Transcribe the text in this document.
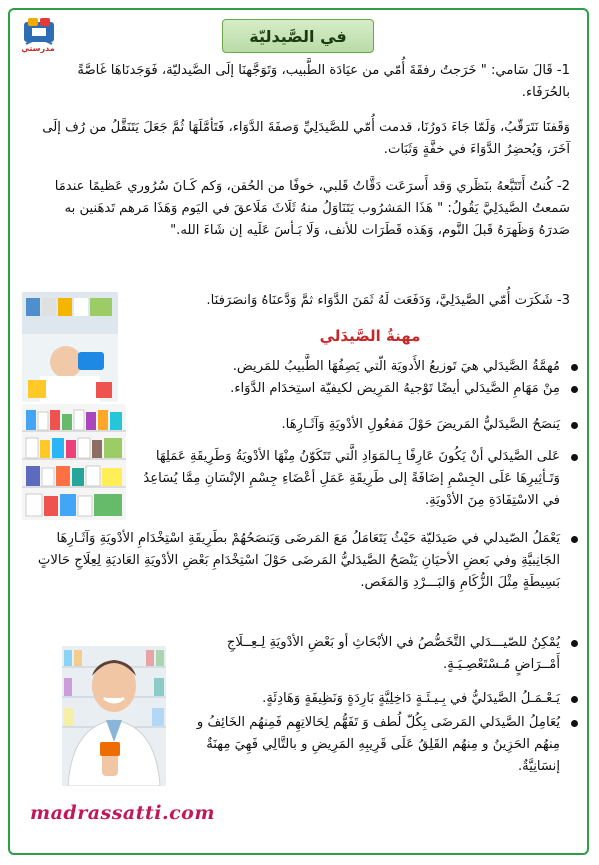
مدرستي
في الصَّيدليّة

1- قَالَ سَامي: " خَرَجتُ رفقَةَ أُمّي من عيَادَة الطَّبيب، وَتَوَجَّهنَا إلَى الصَّيدليّة، فَوَجَدنَاهَا غَاصَّةً بالحُرَفَاء.

وَقَفنَا نَتَرَقّبُ، وَلَمّا جَاءَ دَورُنَا، قدمت أُمّي للصَّيدَلِيِّ وَصفَةَ الدَّوَاء، فَتَأمَّلَهَا ثُمَّ جَعَلَ يَتَنَقَّلُ من رُف إلَى آخَرَ، وَيُحضِرُ الدَّوَاءَ في خفَّةٍ وَثَبَات.

2- كُنتُ أَتَتَبَّعهُ بنَظَري وَقد أَسرَعَت دَقَّاتُ قَلبي، خوفًا من الحُقن، وَكم كَـانَ سُرُوري عَظيمًا عندمَا سَمعتُ الصَّيدَلِيَّ يَقُولُ: " هَذَا المَشرُوب يَتَنَاوَلُ منهُ ثَلَاثَ مَلَاعقَ في اليَوم وَهَذَا مَرهم تَدهَنين به صَدرَهُ وَظَهرَهُ قَبلَ النَّوم، وَهَذه قَطَرَات للأنف، وَلَا بَـأسَ عَلَيه إن شَاءَ الله."

3- شَكَرَت أُمّي الصَّيدَلِيَّ، وَدَفَعَت لَهُ ثَمَنَ الدَّوَاء ثمَّ وَدَّعنَاهُ وَانصَرَفنَا.

مهنةُ الصَّيدَلي
مُهمَّةُ الصَّيدَلي هيَ تَوزيعُ الأَدويَة الّتي يَصِفُهَا الطَّبيبُ للمَريض.
مِنْ مَهَامِ الصَّيدَلي أيضًا تَوْجيهُ المَرِيض لكيفيّة استِخدَام الدَّوَاء.
يَنصَحُ الصَّيدَليُّ المَريضَ حَوْلَ مَفعُولِ الأدْويَةِ وَآثَـارِهَا.
عَلى الصَّيدَلي أنْ يَكُونَ عَارِفًا بِـالمَوَادِ الَّتي تَتَكَوّنُ مِنْهَا الأدْويَةُ وَطَرِيقَةِ عَمَلِهَا وَتَـأثِيرِهَا عَلَى الجِسْمِ إضَافَةً إلى طَرِيقَةِ عَمَلِ أعْضَاءِ جِسْمِ الإنْسَانِ مِمَّا يُسَاعِدُ في الاسْتِفَادَةِ مِنَ الأدْويَةِ.
يَعْمَلُ الصّيدلي في صَيدَليّة حَيْثُ يَتَعَامَلُ مَعَ المَرضَى وَيَنصَحُهُمْ بطَرِيقَةِ اسْتِخْدَامِ الأدْويَةِ وَآثَـارِهَا الجَانِبيَّةِ وفي بَعضِ الأحيَانِ يَنْصَحُ الصَّيدَليُّ المَرضَى حَوْلَ اسْتِخْدَامِ بَعْضِ الأدْويَةِ العَاديَةِ لِعِلَاجِ حَالاتٍ بَسِيطَةٍ مِثْلَ الزُّكَامِ وَالبَـــرْدِ وَالمَغَص.
يُمْكِنُ للصّيـــدَلي التَّخَصُّصُ في الأبْحَاثِ أو بَعْضِ الأدْويَةِ لِـعِــلَاجِ أَمْــرَاضٍ مُـسْتَعْصِـيَـةٍ.
يَـعْـمَـلُ الصَّيدَليُّ في بِـيـئَـةٍ دَاخِلِيَّةٍ بَارِدَةٍ وَنَظِيفَةٍ وَهَادِئَةٍ.
يُعَامِلُ الصَّيدَلي المَرضَى بِكُلّ لُطف وَ تَفَهُّم لِحَالاتِهِم فَمِنهُم الخَائِفُ و مِنهُم الحَزِينُ و مِنهُم القَلِقُ عَلَى قَرِيبِهِ المَرِيضِ و بالتَّالِي فَهِيَ مِهنَةٌ إنسَانِيَّةٌ.
madrassatti.com
